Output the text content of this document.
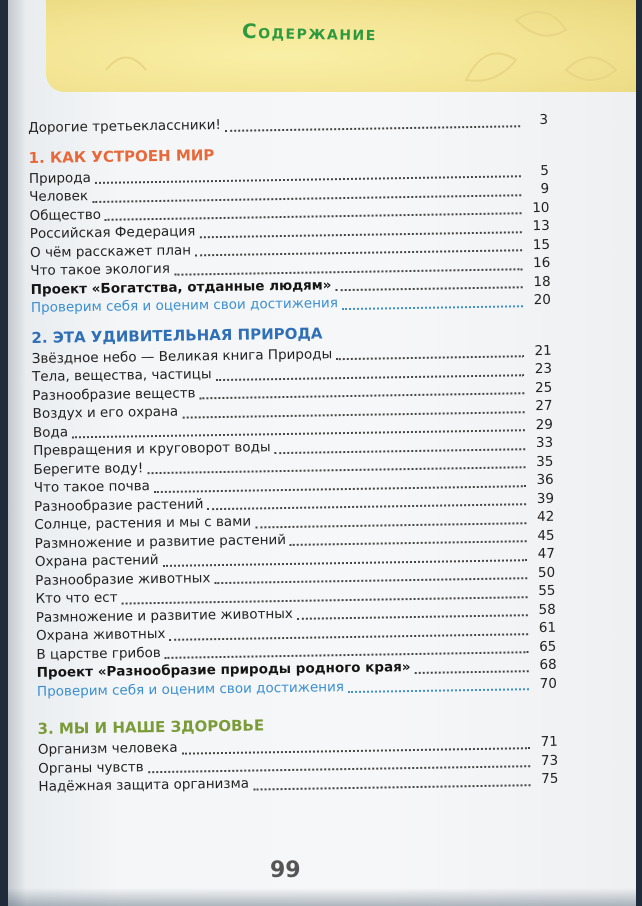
Содержание
Дорогие третьеклассники!	3
1. КАК УСТРОЕН МИР
Природа	5
Человек	9
Общество	10
Российская Федерация	13
О чём расскажет план	15
Что такое экология	16
Проект «Богатства, отданные людям»	18
Проверим себя и оценим свои достижения	20
2. ЭТА УДИВИТЕЛЬНАЯ ПРИРОДА
Звёздное небо — Великая книга Природы	21
Тела, вещества, частицы	23
Разнообразие веществ	25
Воздух и его охрана	27
Вода	29
Превращения и круговорот воды	33
Берегите воду!	35
Что такое почва	36
Разнообразие растений	39
Солнце, растения и мы с вами	42
Размножение и развитие растений	45
Охрана растений	47
Разнообразие животных	50
Кто что ест	55
Размножение и развитие животных	58
Охрана животных	61
В царстве грибов	65
Проект «Разнообразие природы родного края»	68
Проверим себя и оценим свои достижения	70
3. МЫ И НАШЕ ЗДОРОВЬЕ
Организм человека	71
Органы чувств	73
Надёжная защита организма	75
99
